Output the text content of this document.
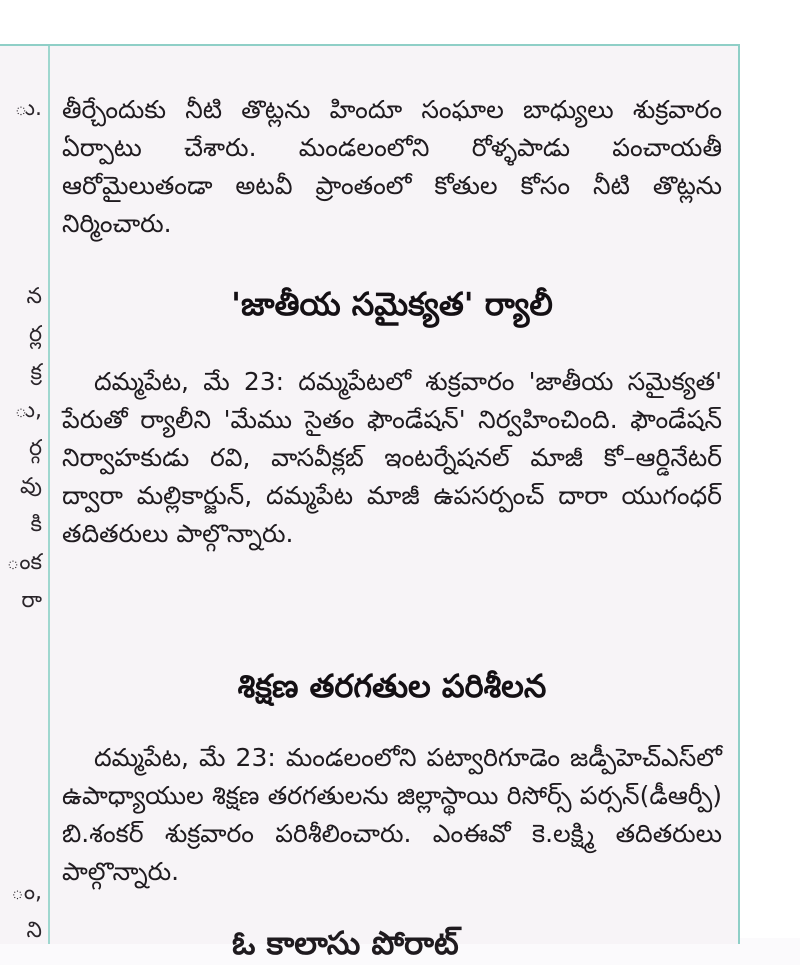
ు.
న
ర్ల
క్ర
ు,
ర్గ
వు
కి
ంక
రా
ం,
ని

తీర్చేందుకు నీటి తొట్లను హిందూ సంఘాల బాధ్యులు శుక్రవారం ఏర్పాటు చేశారు. మండలంలోని రోళ్ళపాడు పంచాయతీ ఆరోమైలుతండా అటవీ ప్రాంతంలో కోతుల కోసం నీటి తొట్లను నిర్మించారు.

'జాతీయ సమైక్యత' ర్యాలీ

దమ్మపేట, మే 23: దమ్మపేటలో శుక్రవారం 'జాతీయ సమైక్యత' పేరుతో ర్యాలీని 'మేము సైతం ఫౌండేషన్' నిర్వహించింది. ఫౌండేషన్ నిర్వాహకుడు రవి, వాసవీక్లబ్ ఇంటర్నేషనల్ మాజీ కో–ఆర్డినేటర్ ద్వారా మల్లికార్జున్, దమ్మపేట మాజీ ఉపసర్పంచ్ దారా యుగంధర్ తదితరులు పాల్గొన్నారు.

శిక్షణ తరగతుల పరిశీలన

దమ్మపేట, మే 23: మండలంలోని పట్వారిగూడెం జడ్పీహెచ్ఎస్‌లో ఉపాధ్యాయుల శిక్షణ తరగతులను జిల్లాస్థాయి రిసోర్స్ పర్సన్(డీఆర్పీ) బి.శంకర్ శుక్రవారం పరిశీలించారు. ఎంఈవో కె.లక్ష్మి తదితరులు పాల్గొన్నారు.

ఓ కాలాసు పోరాట్
